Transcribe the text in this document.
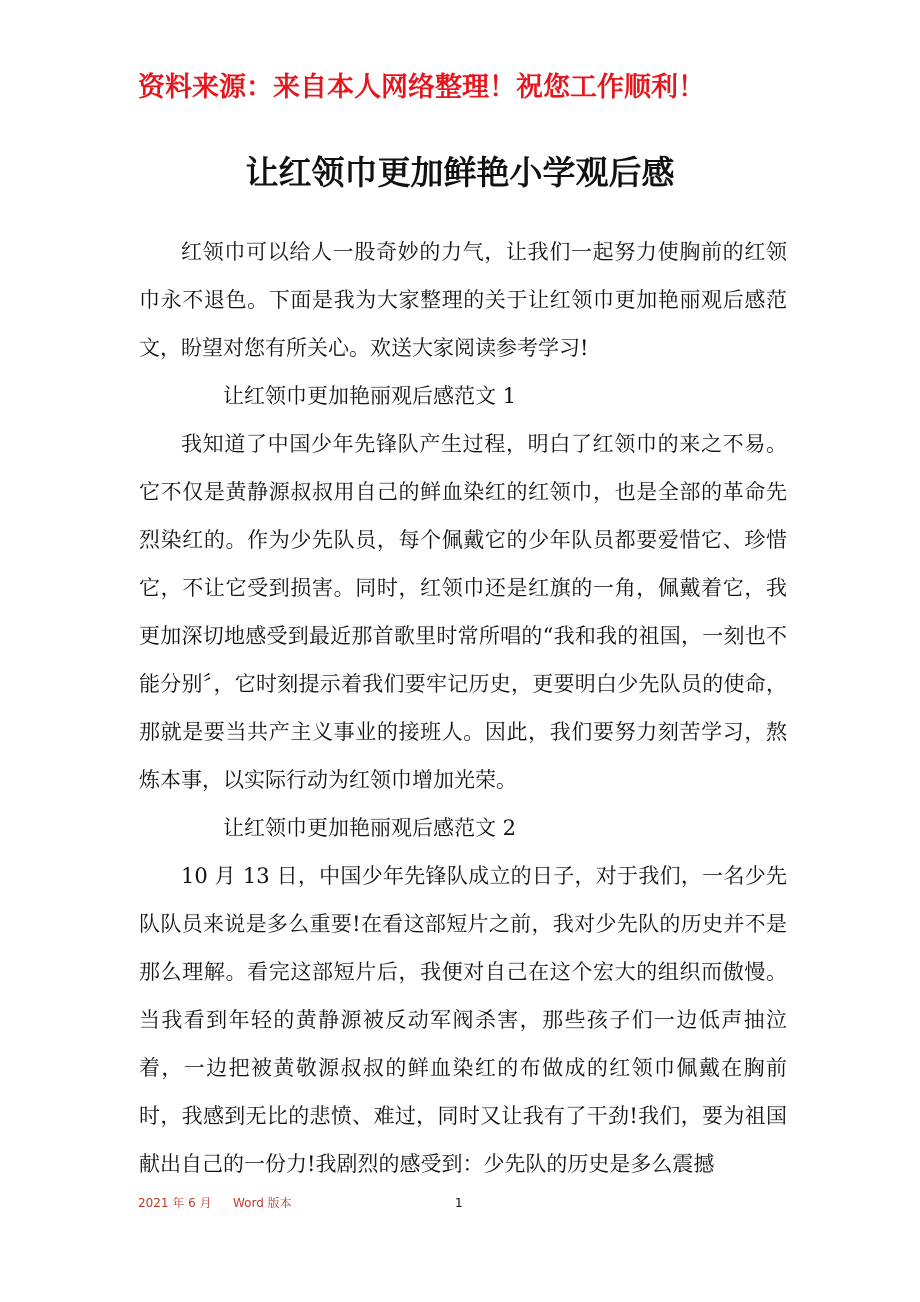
资料来源：来自本人网络整理！祝您工作顺利！
让红领巾更加鲜艳小学观后感

红领巾可以给人一股奇妙的力气，让我们一起努力使胸前的红领巾永不退色。下面是我为大家整理的关于让红领巾更加艳丽观后感范文，盼望对您有所关心。欢送大家阅读参考学习!

让红领巾更加艳丽观后感范文 1

我知道了中国少年先锋队产生过程，明白了红领巾的来之不易。它不仅是黄静源叔叔用自己的鲜血染红的红领巾，也是全部的革命先烈染红的。作为少先队员，每个佩戴它的少年队员都要爱惜它、珍惜它，不让它受到损害。同时，红领巾还是红旗的一角，佩戴着它，我更加深切地感受到最近那首歌里时常所唱的“我和我的祖国，一刻也不能分别〞，它时刻提示着我们要牢记历史，更要明白少先队员的使命，那就是要当共产主义事业的接班人。因此，我们要努力刻苦学习，熬炼本事，以实际行动为红领巾增加光荣。

让红领巾更加艳丽观后感范文 2

10 月 13 日，中国少年先锋队成立的日子，对于我们，一名少先队队员来说是多么重要!在看这部短片之前，我对少先队的历史并不是那么理解。看完这部短片后，我便对自己在这个宏大的组织而傲慢。当我看到年轻的黄静源被反动军阀杀害，那些孩子们一边低声抽泣着，一边把被黄敬源叔叔的鲜血染红的布做成的红领巾佩戴在胸前时，我感到无比的悲愤、难过，同时又让我有了干劲!我们，要为祖国献出自己的一份力!我剧烈的感受到：少先队的历史是多么震撼

2021 年 6 月 Word 版本	1
